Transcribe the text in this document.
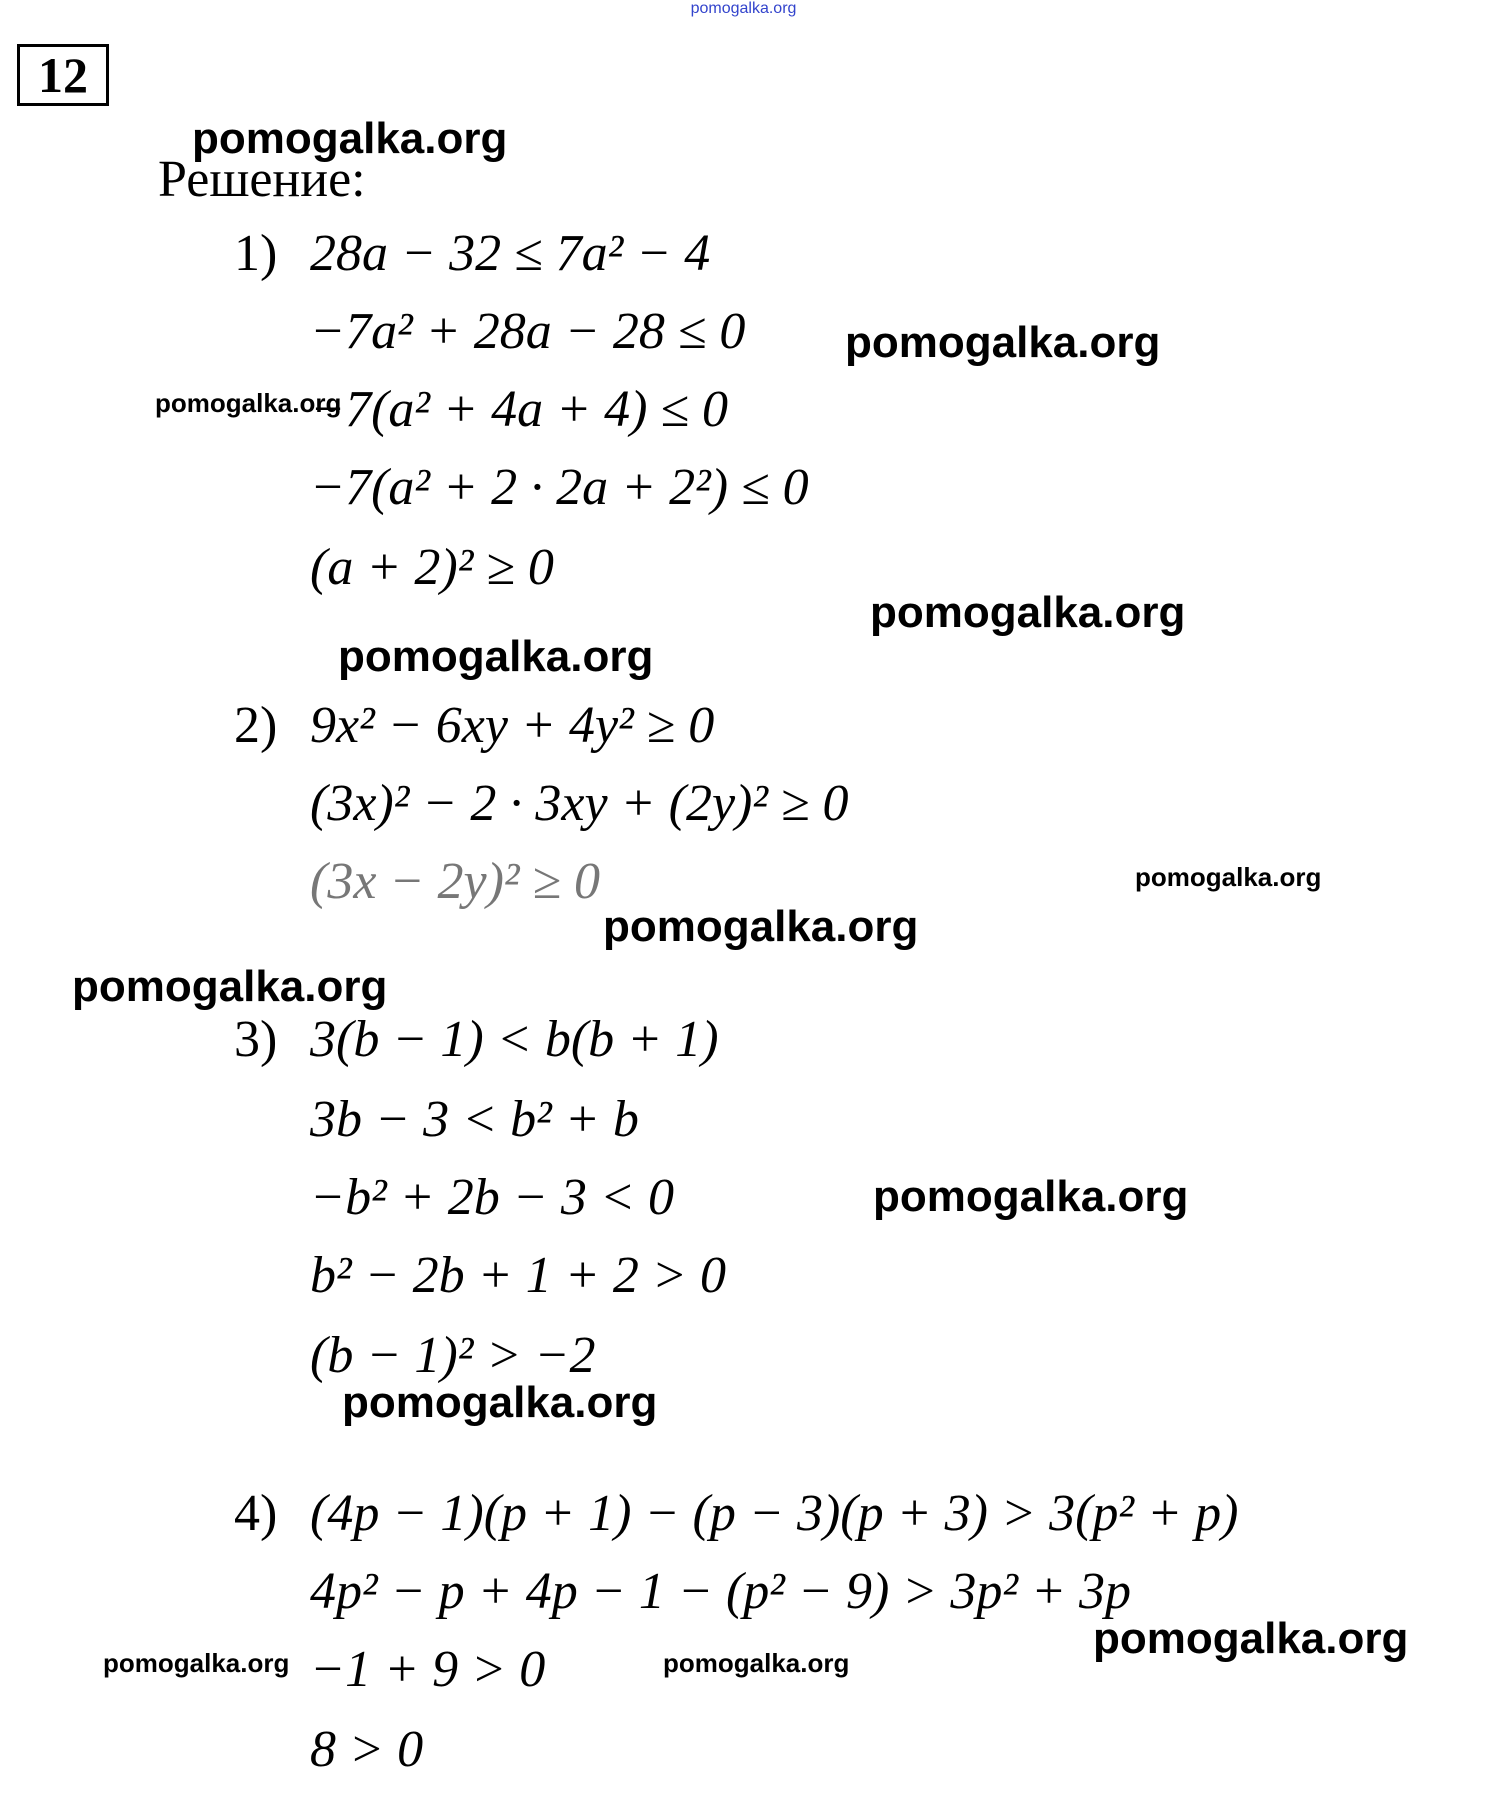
pomogalka.org
12
pomogalka.org
Решение:
1) 28a − 32 ≤ 7a² − 4
−7a² + 28a − 28 ≤ 0 pomogalka.org
pomogalka.org
−7(a² + 4a + 4) ≤ 0
−7(a² + 2 · 2a + 2²) ≤ 0
(a + 2)² ≥ 0
pomogalka.org
pomogalka.org
2) 9x² − 6xy + 4y² ≥ 0
(3x)² − 2 · 3xy + (2y)² ≥ 0
(3x − 2y)² ≥ 0	pomogalka.org
pomogalka.org
pomogalka.org
3) 3(b − 1) < b(b + 1)
3b − 3 < b² + b
−b² + 2b − 3 < 0	pomogalka.org
b² − 2b + 1 + 2 > 0
(b − 1)² > −2
pomogalka.org
4) (4p − 1)(p + 1) − (p − 3)(p + 3) > 3(p² + p)
4p² − p + 4p − 1 − (p² − 9) > 3p² + 3p
pomogalka.org
pomogalka.org −1 + 9 > 0	pomogalka.org
8 > 0
